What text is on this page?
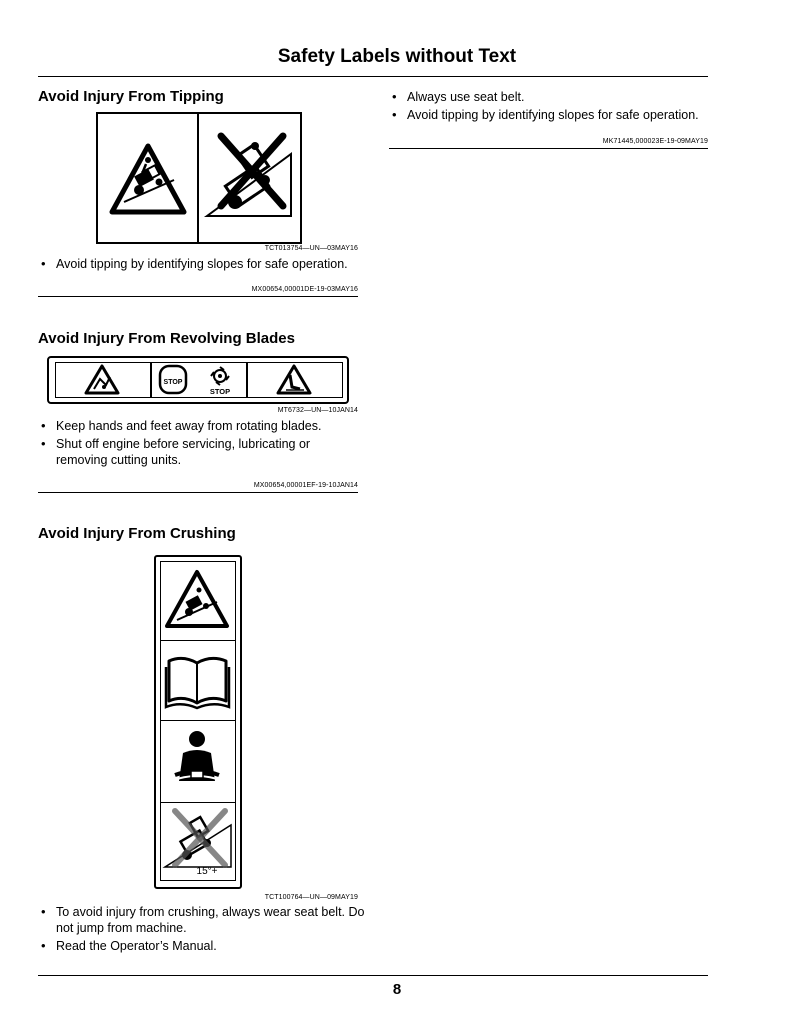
Safety Labels without Text
Avoid Injury From Tipping
TCT013754—UN—03MAY16
• Avoid tipping by identifying slopes for safe operation.
MX00654,00001DE-19-03MAY16
Avoid Injury From Revolving Blades
STOP
STOP
MT6732—UN—10JAN14
• Keep hands and feet away from rotating blades.
• Shut off engine before servicing, lubricating or removing cutting units.
MX00654,00001EF-19-10JAN14
Avoid Injury From Crushing
15°+
TCT100764—UN—09MAY19
• To avoid injury from crushing, always wear seat belt. Do not jump from machine.
• Read the Operator’s Manual.
• Always use seat belt.
• Avoid tipping by identifying slopes for safe operation.
MK71445,000023E-19-09MAY19
8
